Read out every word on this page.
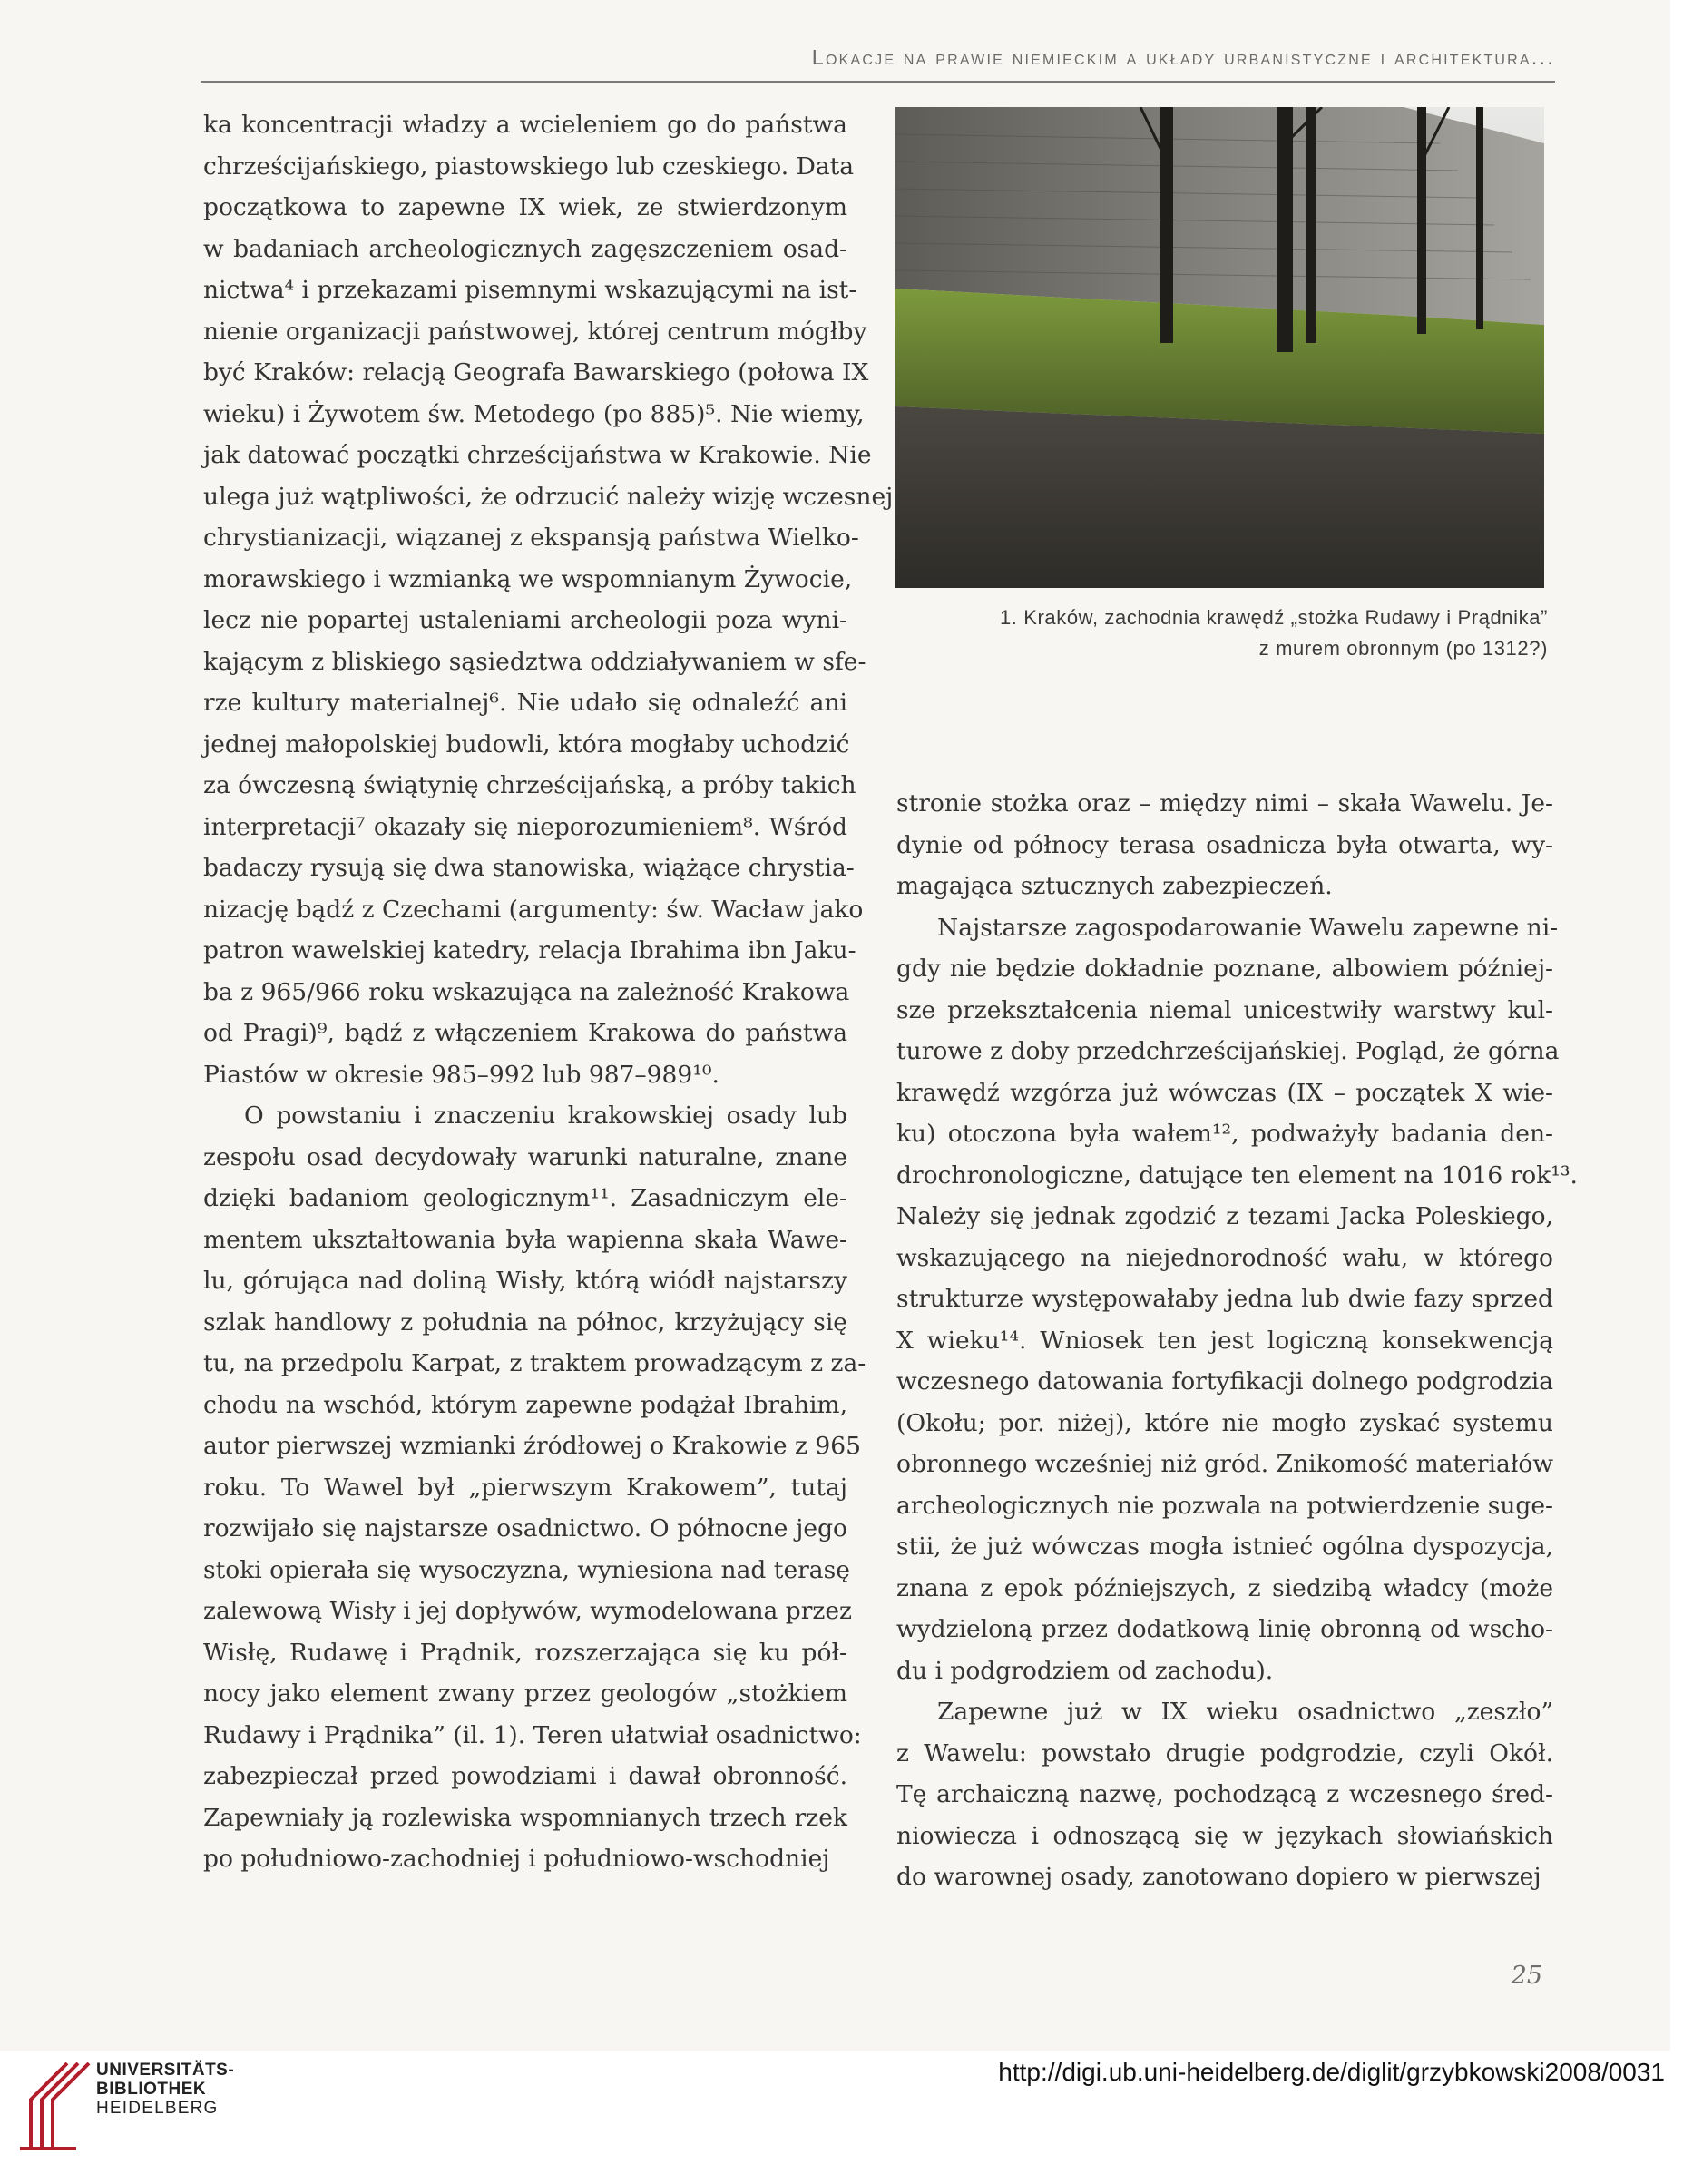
Lokacje na prawie niemieckim a układy urbanistyczne i architektura...
ka koncentracji władzy a wcieleniem go do państwa
chrześcijańskiego, piastowskiego lub czeskiego. Data
początkowa to zapewne IX wiek, ze stwierdzonym
w badaniach archeologicznych zagęszczeniem osad-
nictwa⁴ i przekazami pisemnymi wskazującymi na ist-
nienie organizacji państwowej, której centrum mógłby
być Kraków: relacją Geografa Bawarskiego (połowa IX
wieku) i Żywotem św. Metodego (po 885)⁵. Nie wiemy,
jak datować początki chrześcijaństwa w Krakowie. Nie
ulega już wątpliwości, że odrzucić należy wizję wczesnej
chrystianizacji, wiązanej z ekspansją państwa Wielko-
morawskiego i wzmianką we wspomnianym Żywocie,
lecz nie popartej ustaleniami archeologii poza wyni-
kającym z bliskiego sąsiedztwa oddziaływaniem w sfe-
rze kultury materialnej⁶. Nie udało się odnaleźć ani
jednej małopolskiej budowli, która mogłaby uchodzić
za ówczesną świątynię chrześcijańską, a próby takich
interpretacji⁷ okazały się nieporozumieniem⁸. Wśród
badaczy rysują się dwa stanowiska, wiążące chrystia-
nizację bądź z Czechami (argumenty: św. Wacław jako
patron wawelskiej katedry, relacja Ibrahima ibn Jaku-
ba z 965/966 roku wskazująca na zależność Krakowa
od Pragi)⁹, bądź z włączeniem Krakowa do państwa
Piastów w okresie 985–992 lub 987–989¹⁰.
O powstaniu i znaczeniu krakowskiej osady lub
zespołu osad decydowały warunki naturalne, znane
dzięki badaniom geologicznym¹¹. Zasadniczym ele-
mentem ukształtowania była wapienna skała Wawe-
lu, górująca nad doliną Wisły, którą wiódł najstarszy
szlak handlowy z południa na północ, krzyżujący się
tu, na przedpolu Karpat, z traktem prowadzącym z za-
chodu na wschód, którym zapewne podążał Ibrahim,
autor pierwszej wzmianki źródłowej o Krakowie z 965
roku. To Wawel był „pierwszym Krakowem”, tutaj
rozwijało się najstarsze osadnictwo. O północne jego
stoki opierała się wysoczyzna, wyniesiona nad terasę
zalewową Wisły i jej dopływów, wymodelowana przez
Wisłę, Rudawę i Prądnik, rozszerzająca się ku pół-
nocy jako element zwany przez geologów „stożkiem
Rudawy i Prądnika” (il. 1). Teren ułatwiał osadnictwo:
zabezpieczał przed powodziami i dawał obronność.
Zapewniały ją rozlewiska wspomnianych trzech rzek
po południowo-zachodniej i południowo-wschodniej
1. Kraków, zachodnia krawędź „stożka Rudawy i Prądnika”
z murem obronnym (po 1312?)
stronie stożka oraz – między nimi – skała Wawelu. Je-
dynie od północy terasa osadnicza była otwarta, wy-
magająca sztucznych zabezpieczeń.
Najstarsze zagospodarowanie Wawelu zapewne ni-
gdy nie będzie dokładnie poznane, albowiem później-
sze przekształcenia niemal unicestwiły warstwy kul-
turowe z doby przedchrześcijańskiej. Pogląd, że górna
krawędź wzgórza już wówczas (IX – początek X wie-
ku) otoczona była wałem¹², podważyły badania den-
drochronologiczne, datujące ten element na 1016 rok¹³.
Należy się jednak zgodzić z tezami Jacka Poleskiego,
wskazującego na niejednorodność wału, w którego
strukturze występowałaby jedna lub dwie fazy sprzed
X wieku¹⁴. Wniosek ten jest logiczną konsekwencją
wczesnego datowania fortyfikacji dolnego podgrodzia
(Okołu; por. niżej), które nie mogło zyskać systemu
obronnego wcześniej niż gród. Znikomość materiałów
archeologicznych nie pozwala na potwierdzenie suge-
stii, że już wówczas mogła istnieć ogólna dyspozycja,
znana z epok późniejszych, z siedzibą władcy (może
wydzieloną przez dodatkową linię obronną od wscho-
du i podgrodziem od zachodu).
Zapewne już w IX wieku osadnictwo „zeszło”
z Wawelu: powstało drugie podgrodzie, czyli Okół.
Tę archaiczną nazwę, pochodzącą z wczesnego śred-
niowiecza i odnoszącą się w językach słowiańskich
do warownej osady, zanotowano dopiero w pierwszej
25
UNIVERSITÄTS-
BIBLIOTHEK
HEIDELBERG
http://digi.ub.uni-heidelberg.de/diglit/grzybkowski2008/0031
